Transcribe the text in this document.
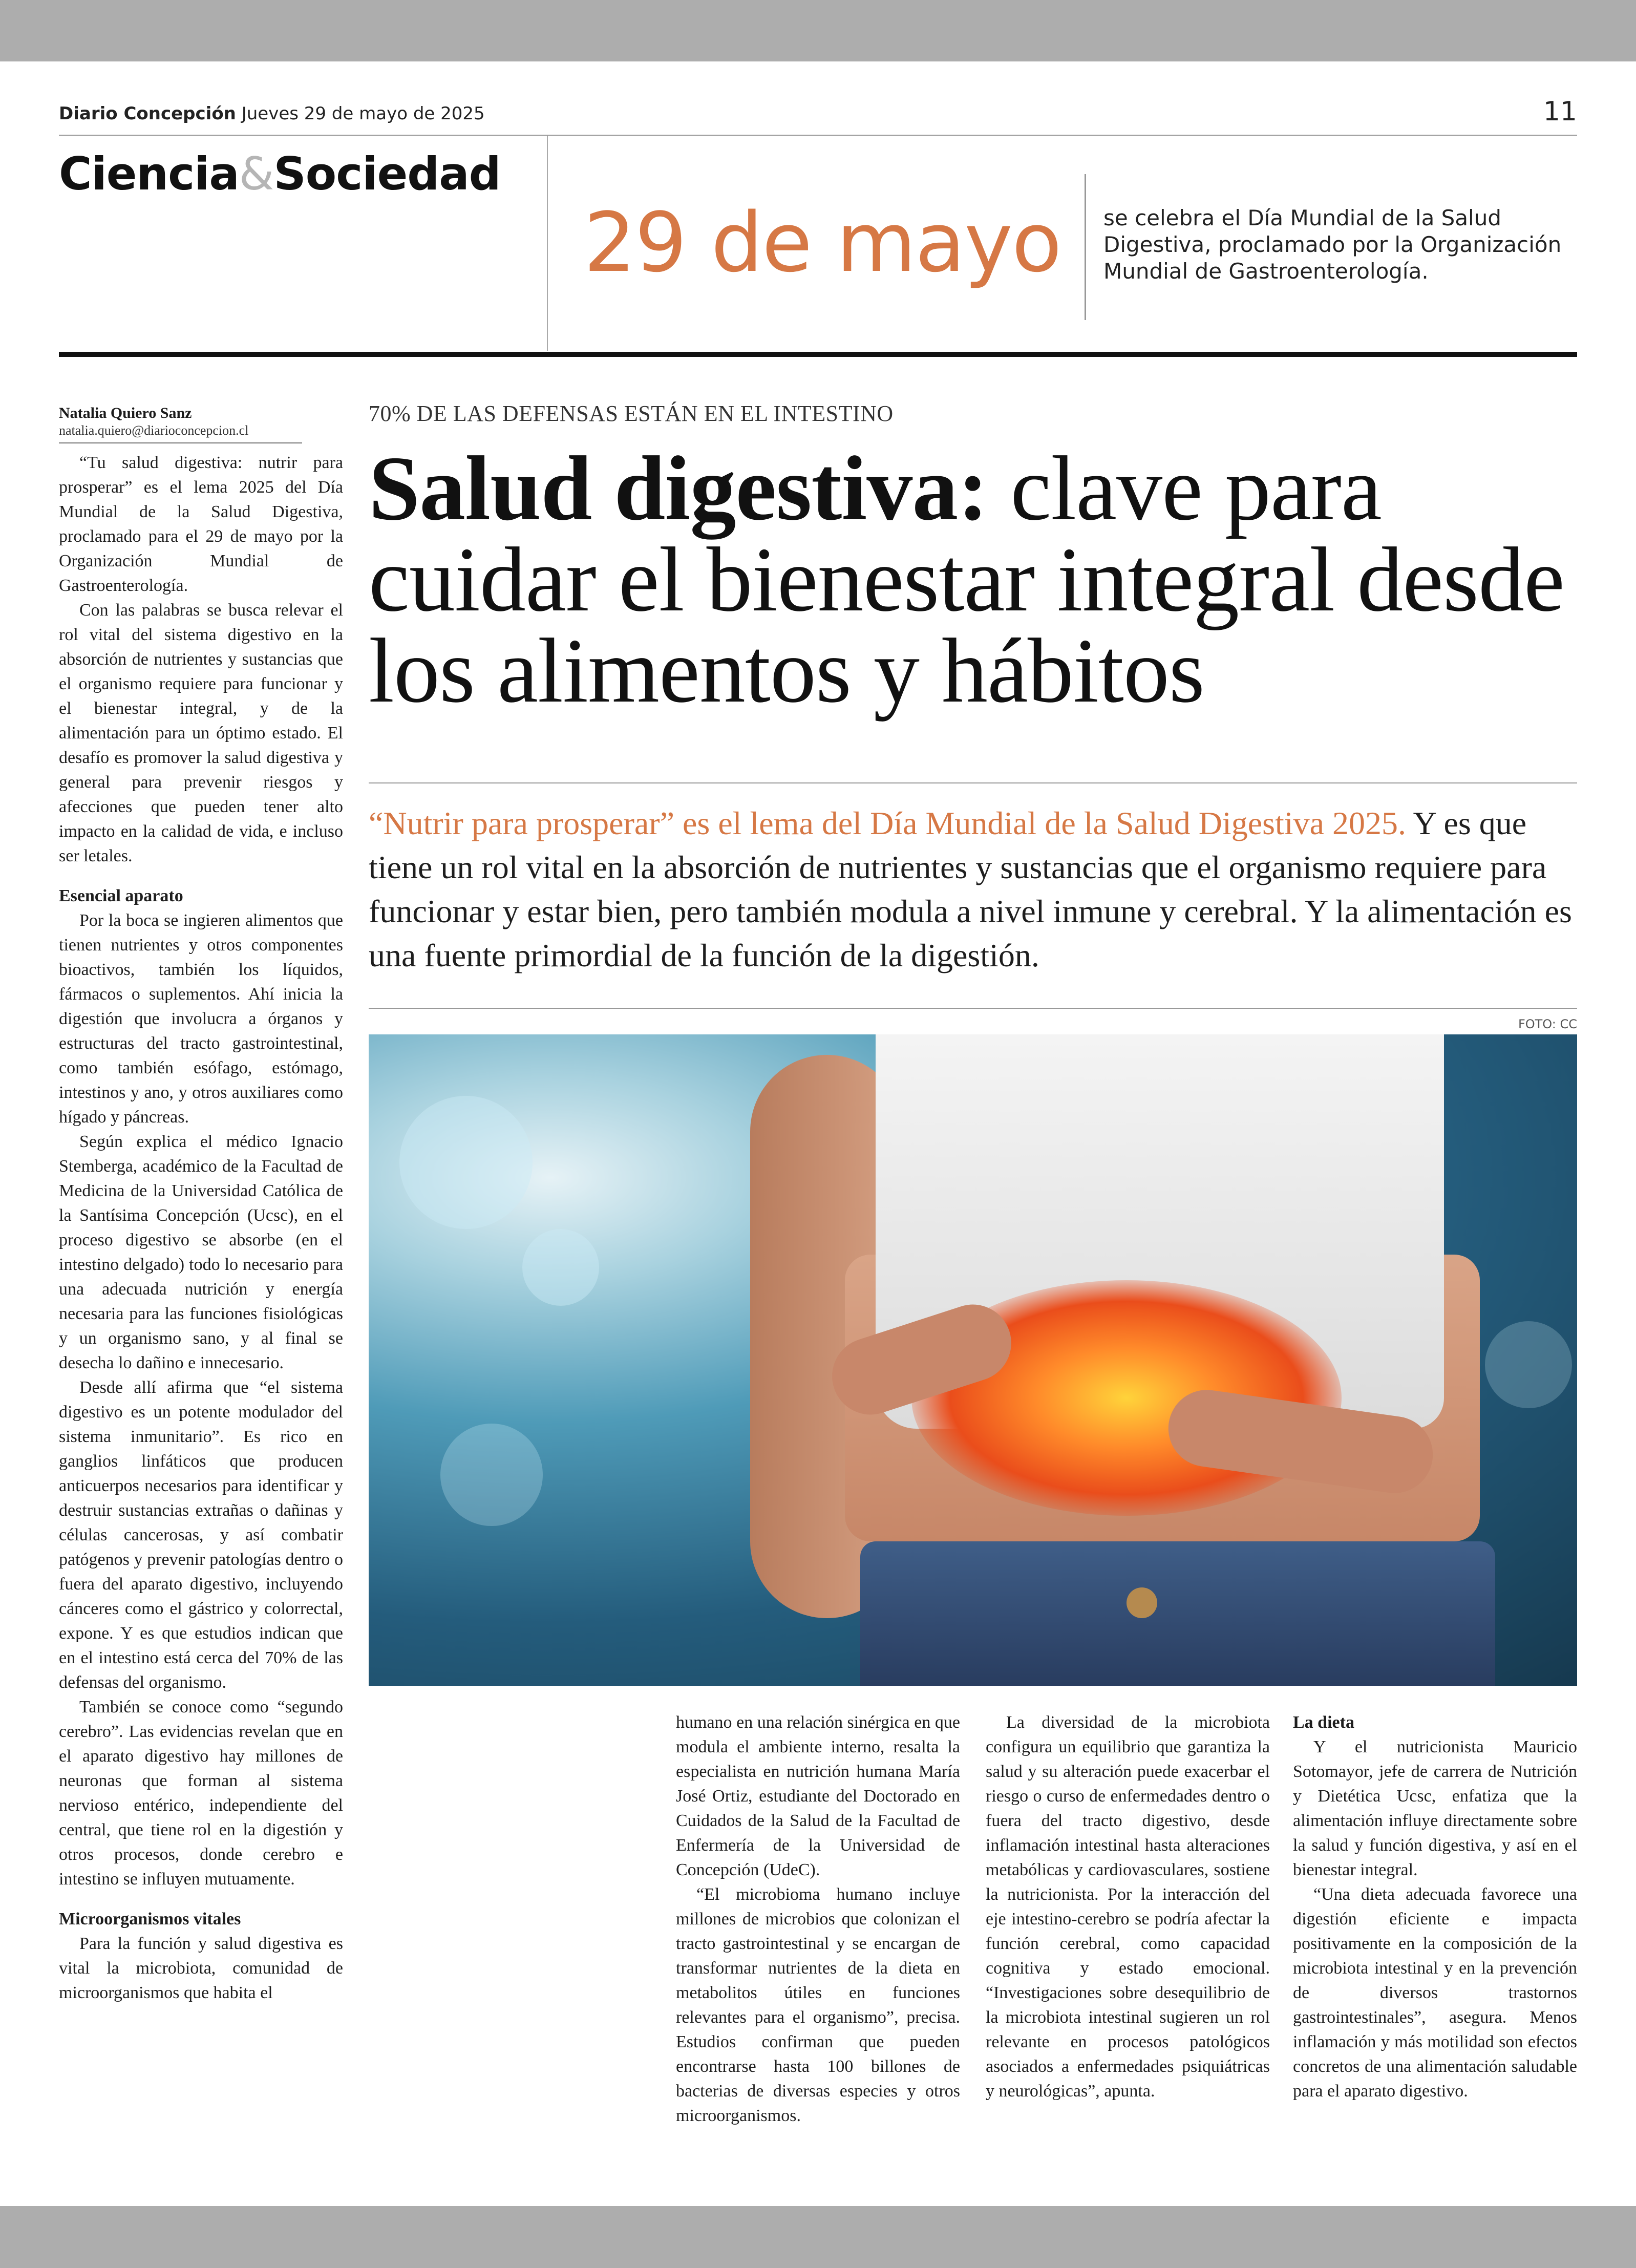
Diario Concepción Jueves 29 de mayo de 2025	11
Ciencia&Sociedad
29 de mayo se celebra el Día Mundial de la Salud Digestiva, proclamado por la Organización Mundial de Gastroenterología.
Natalia Quiero Sanz
natalia.quiero@diarioconcepcion.cl

“Tu salud digestiva: nutrir para prosperar” es el lema 2025 del Día Mundial de la Salud Digestiva, proclamado para el 29 de mayo por la Organización Mundial de Gastroenterología.

Con las palabras se busca relevar el rol vital del sistema digestivo en la absorción de nutrientes y sustancias que el organismo requiere para funcionar y el bienestar integral, y de la alimentación para un óptimo estado. El desafío es promover la salud digestiva y general para prevenir riesgos y afecciones que pueden tener alto impacto en la calidad de vida, e incluso ser letales.

Esencial aparato

Por la boca se ingieren alimentos que tienen nutrientes y otros componentes bioactivos, también los líquidos, fármacos o suplementos. Ahí inicia la digestión que involucra a órganos y estructuras del tracto gastrointestinal, como también esófago, estómago, intestinos y ano, y otros auxiliares como hígado y páncreas.

Según explica el médico Ignacio Stemberga, académico de la Facultad de Medicina de la Universidad Católica de la Santísima Concepción (Ucsc), en el proceso digestivo se absorbe (en el intestino delgado) todo lo necesario para una adecuada nutrición y energía necesaria para las funciones fisiológicas y un organismo sano, y al final se desecha lo dañino e innecesario.

Desde allí afirma que “el sistema digestivo es un potente modulador del sistema inmunitario”. Es rico en ganglios linfáticos que producen anticuerpos necesarios para identificar y destruir sustancias extrañas o dañinas y células cancerosas, y así combatir patógenos y prevenir patologías dentro o fuera del aparato digestivo, incluyendo cánceres como el gástrico y colorrectal, expone. Y es que estudios indican que en el intestino está cerca del 70% de las defensas del organismo.

También se conoce como “segundo cerebro”. Las evidencias revelan que en el aparato digestivo hay millones de neuronas que forman al sistema nervioso entérico, independiente del central, que tiene rol en la digestión y otros procesos, donde cerebro e intestino se influyen mutuamente.

Microorganismos vitales

Para la función y salud digestiva es vital la microbiota, comunidad de microorganismos que habita el

70% DE LAS DEFENSAS ESTÁN EN EL INTESTINO
Salud digestiva: clave para cuidar el bienestar integral desde los alimentos y hábitos
“Nutrir para prosperar” es el lema del Día Mundial de la Salud Digestiva 2025. Y es que tiene un rol vital en la absorción de nutrientes y sustancias que el organismo requiere para funcionar y estar bien, pero también modula a nivel inmune y cerebral. Y la alimentación es una fuente primordial de la función de la digestión.
FOTO: CC

humano en una relación sinérgica en que modula el ambiente interno, resalta la especialista en nutrición humana María José Ortiz, estudiante del Doctorado en Cuidados de la Salud de la Facultad de Enfermería de la Universidad de Concepción (UdeC).

“El microbioma humano incluye millones de microbios que colonizan el tracto gastrointestinal y se encargan de transformar nutrientes de la dieta en metabolitos útiles en funciones relevantes para el organismo”, precisa. Estudios confirman que pueden encontrarse hasta 100 billones de bacterias de diversas especies y otros microorganismos.

La diversidad de la microbiota configura un equilibrio que garantiza la salud y su alteración puede exacerbar el riesgo o curso de enfermedades dentro o fuera del tracto digestivo, desde inflamación intestinal hasta alteraciones metabólicas y cardiovasculares, sostiene la nutricionista. Por la interacción del eje intestino-cerebro se podría afectar la función cerebral, como capacidad cognitiva y estado emocional. “Investigaciones sobre desequilibrio de la microbiota intestinal sugieren un rol relevante en procesos patológicos asociados a enfermedades psiquiátricas y neurológicas”, apunta.

La dieta

Y el nutricionista Mauricio Sotomayor, jefe de carrera de Nutrición y Dietética Ucsc, enfatiza que la alimentación influye directamente sobre la salud y función digestiva, y así en el bienestar integral.

“Una dieta adecuada favorece una digestión eficiente e impacta positivamente en la composición de la microbiota intestinal y en la prevención de diversos trastornos gastrointestinales”, asegura. Menos inflamación y más motilidad son efectos concretos de una alimentación saludable para el aparato digestivo.
